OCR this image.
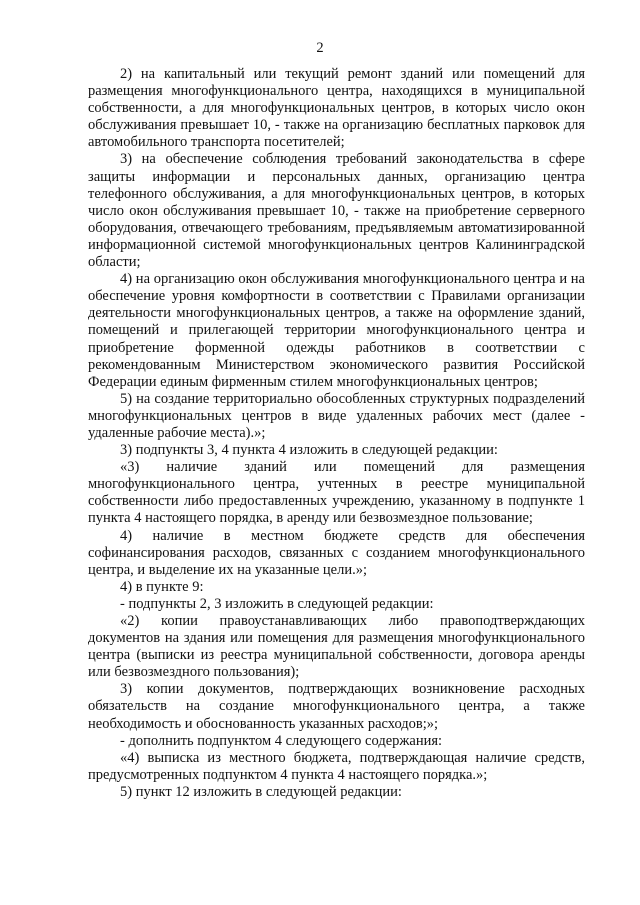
2

2) на капитальный или текущий ремонт зданий или помещений для размещения многофункционального центра, находящихся в муниципальной собственности, а для многофункциональных центров, в которых число окон обслуживания превышает 10, - также на организацию бесплатных парковок для автомобильного транспорта посетителей;

3) на обеспечение соблюдения требований законодательства в сфере защиты информации и персональных данных, организацию центра телефонного обслуживания, а для многофункциональных центров, в которых число окон обслуживания превышает 10, - также на приобретение серверного оборудования, отвечающего требованиям, предъявляемым автоматизированной информационной системой многофункциональных центров Калининградской области;

4) на организацию окон обслуживания многофункционального центра и на обеспечение уровня комфортности в соответствии с Правилами организации деятельности многофункциональных центров, а также на оформление зданий, помещений и прилегающей территории многофункционального центра и приобретение форменной одежды работников в соответствии с рекомендованным Министерством экономического развития Российской Федерации единым фирменным стилем многофункциональных центров;

5) на создание территориально обособленных структурных подразделений многофункциональных центров в виде удаленных рабочих мест (далее - удаленные рабочие места).»;

3) подпункты 3, 4 пункта 4 изложить в следующей редакции:

«3) наличие зданий или помещений для размещения многофункционального центра, учтенных в реестре муниципальной собственности либо предоставленных учреждению, указанному в подпункте 1 пункта 4 настоящего порядка, в аренду или безвозмездное пользование;

4) наличие в местном бюджете средств для обеспечения софинансирования расходов, связанных с созданием многофункционального центра, и выделение их на указанные цели.»;

4) в пункте 9:

- подпункты 2, 3 изложить в следующей редакции:

«2) копии правоустанавливающих либо правоподтверждающих документов на здания или помещения для размещения многофункционального центра (выписки из реестра муниципальной собственности, договора аренды или безвозмездного пользования);

3) копии документов, подтверждающих возникновение расходных обязательств на создание многофункционального центра, а также необходимость и обоснованность указанных расходов;»;

- дополнить подпунктом 4 следующего содержания:

«4) выписка из местного бюджета, подтверждающая наличие средств, предусмотренных подпунктом 4 пункта 4 настоящего порядка.»;

5) пункт 12 изложить в следующей редакции:
